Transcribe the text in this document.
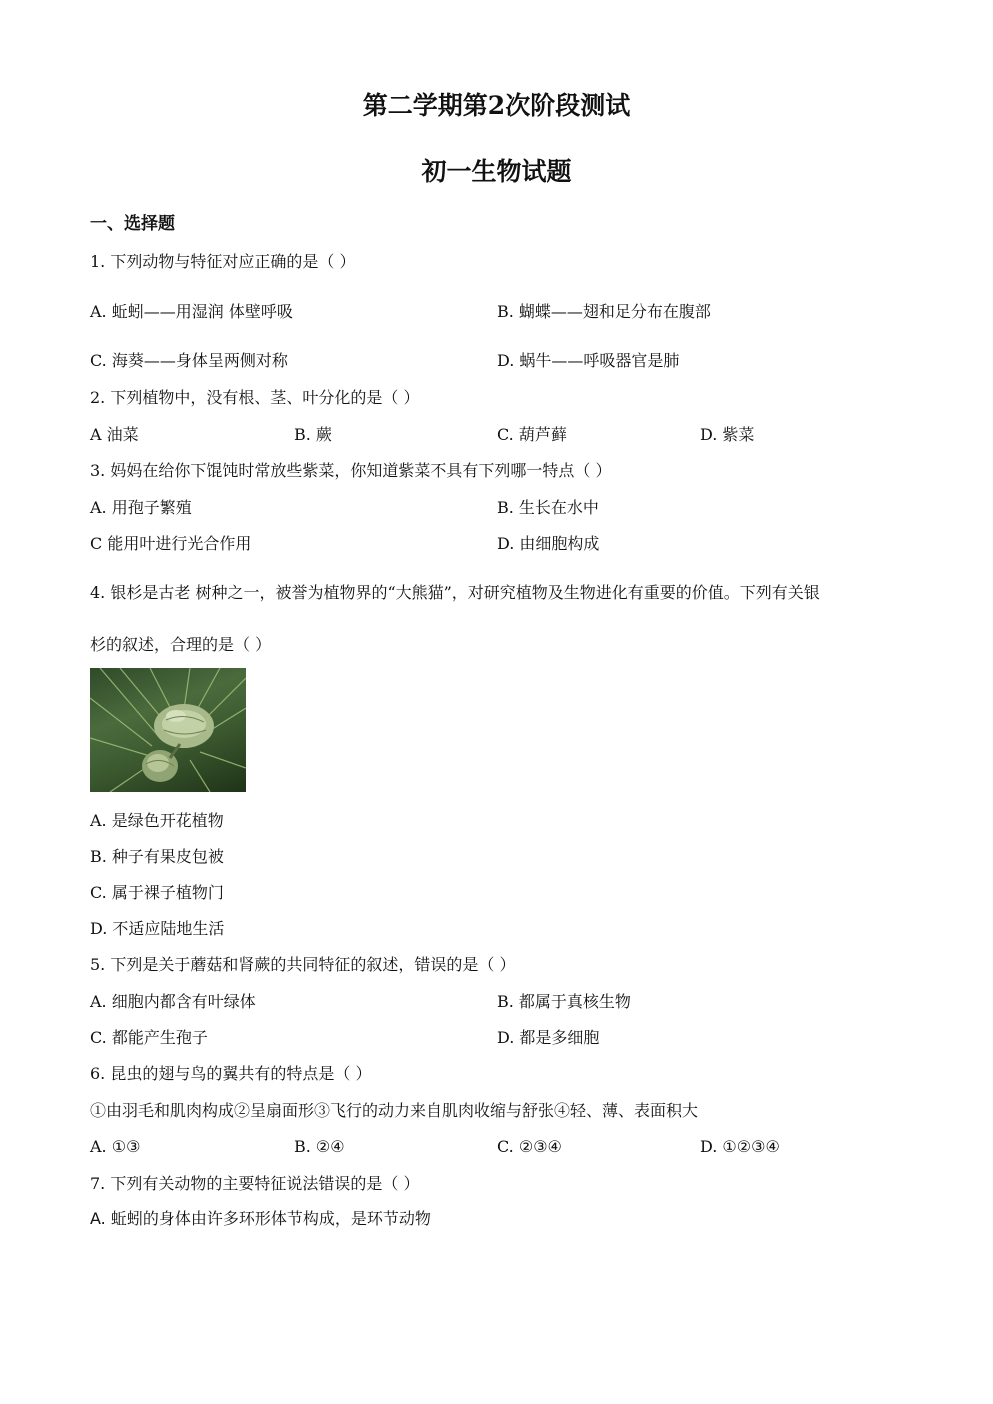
第二学期第2次阶段测试
初一生物试题
一、选择题
1. 下列动物与特征对应正确的是（ ）
A. 蚯蚓——用湿润 体壁呼吸	B. 蝴蝶——翅和足分布在腹部
C. 海葵——身体呈两侧对称	D. 蜗牛——呼吸器官是肺
2. 下列植物中，没有根、茎、叶分化的是（ ）
A 油菜	B. 蕨	C. 葫芦藓	D. 紫菜
3. 妈妈在给你下馄饨时常放些紫菜，你知道紫菜不具有下列哪一特点（ ）
A. 用孢子繁殖	B. 生长在水中
C 能用叶进行光合作用	D. 由细胞构成
4. 银杉是古老 树种之一，被誉为植物界的“大熊猫”，对研究植物及生物进化有重要的价值。下列有关银
杉的叙述，合理的是（ ）
A. 是绿色开花植物
B. 种子有果皮包被
C. 属于裸子植物门
D. 不适应陆地生活
5. 下列是关于蘑菇和肾蕨的共同特征的叙述，错误的是（ ）
A. 细胞内都含有叶绿体	B. 都属于真核生物
C. 都能产生孢子	D. 都是多细胞
6. 昆虫的翅与鸟的翼共有的特点是（ ）
①由羽毛和肌肉构成②呈扇面形③飞行的动力来自肌肉收缩与舒张④轻、薄、表面积大
A. ①③	B. ②④	C. ②③④	D. ①②③④
7. 下列有关动物的主要特征说法错误的是（ ）
A. 蚯蚓的身体由许多环形体节构成，是环节动物
